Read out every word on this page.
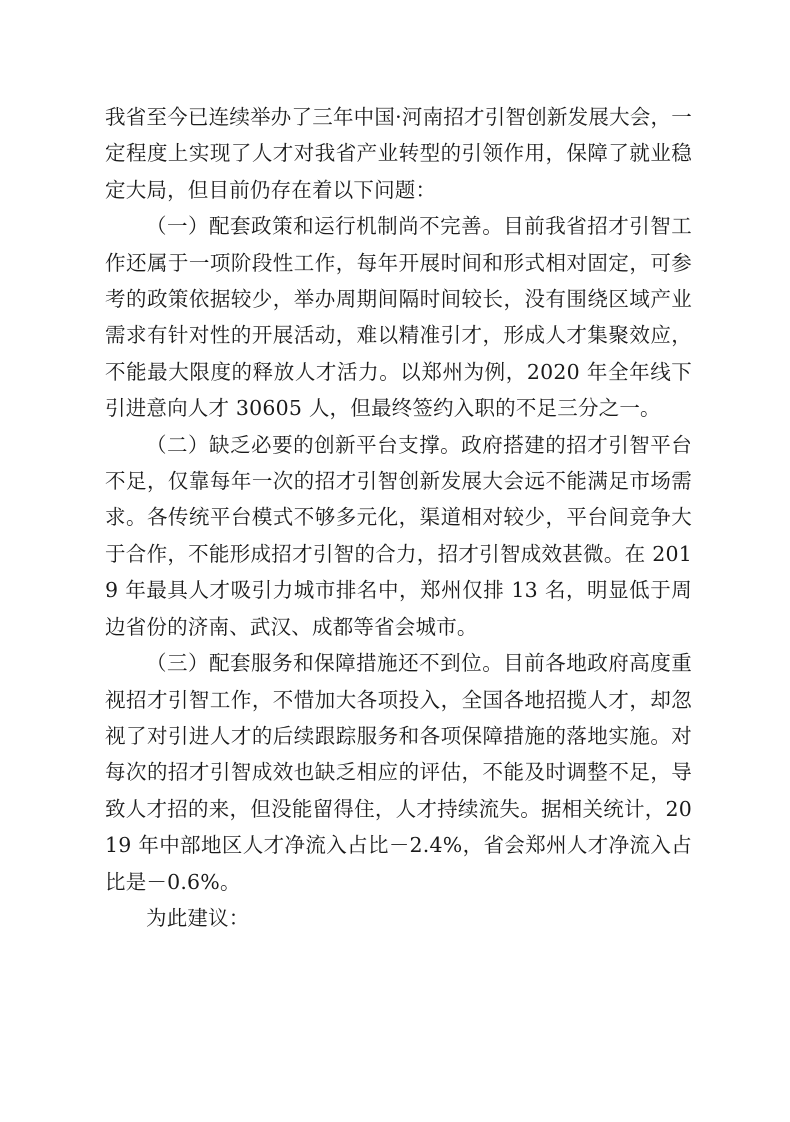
我省至今已连续举办了三年中国·河南招才引智创新发展大会，一定程度上实现了人才对我省产业转型的引领作用，保障了就业稳定大局，但目前仍存在着以下问题：

（一）配套政策和运行机制尚不完善。目前我省招才引智工作还属于一项阶段性工作，每年开展时间和形式相对固定，可参考的政策依据较少，举办周期间隔时间较长，没有围绕区域产业需求有针对性的开展活动，难以精准引才，形成人才集聚效应，不能最大限度的释放人才活力。以郑州为例，2020 年全年线下引进意向人才 30605 人，但最终签约入职的不足三分之一。

（二）缺乏必要的创新平台支撑。政府搭建的招才引智平台不足，仅靠每年一次的招才引智创新发展大会远不能满足市场需求。各传统平台模式不够多元化，渠道相对较少，平台间竞争大于合作，不能形成招才引智的合力，招才引智成效甚微。在 2019 年最具人才吸引力城市排名中，郑州仅排 13 名，明显低于周边省份的济南、武汉、成都等省会城市。

（三）配套服务和保障措施还不到位。目前各地政府高度重视招才引智工作，不惜加大各项投入，全国各地招揽人才，却忽视了对引进人才的后续跟踪服务和各项保障措施的落地实施。对每次的招才引智成效也缺乏相应的评估，不能及时调整不足，导致人才招的来，但没能留得住，人才持续流失。据相关统计，2019 年中部地区人才净流入占比－2.4%，省会郑州人才净流入占比是－0.6%。

为此建议：
